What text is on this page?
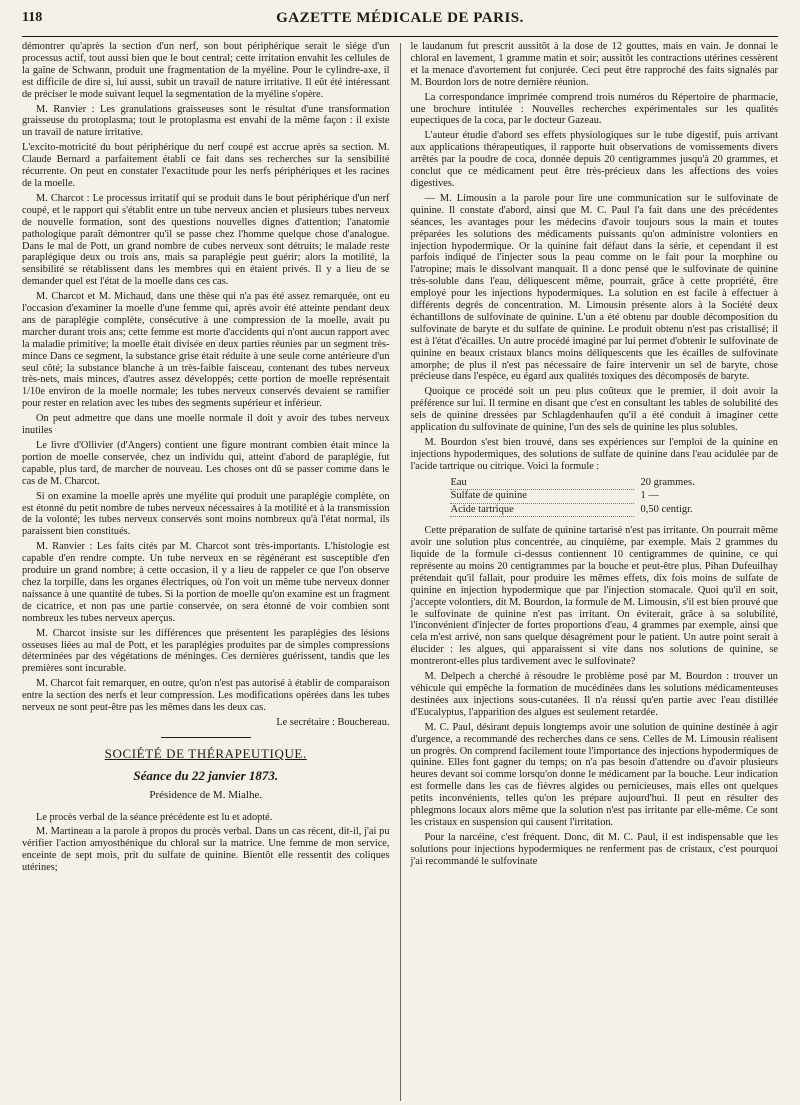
118	GAZETTE MÉDICALE DE PARIS.

démontrer qu'après la section d'un nerf, son bout périphérique serait le siége d'un processus actif, tout aussi bien que le bout central; cette irritation envahit les cellules de la gaîne de Schwann, produit une fragmentation de la myéline. Pour le cylindre-axe, il est difficile de dire si, lui aussi, subit un travail de nature irritative. Il eût été intéressant de préciser le mode suivant lequel la segmentation de la myéline s'opère.

M. Ranvier : Les granulations graisseuses sont le résultat d'une transformation graisseuse du protoplasma; tout le protoplasma est envahi de la même façon : il existe un travail de nature irritative.

L'excito-motricité du bout périphérique du nerf coupé est accrue après sa section. M. Claude Bernard a parfaitement établi ce fait dans ses recherches sur la sensibilité récurrente. On peut en constater l'exactitude pour les nerfs périphériques et les racines de la moelle.

M. Charcot : Le processus irritatif qui se produit dans le bout périphérique d'un nerf coupé, et le rapport qui s'établit entre un tube nerveux ancien et plusieurs tubes nerveux de nouvelle formation, sont des questions nouvelles dignes d'attention; l'anatomie pathologique paraît démontrer qu'il se passe chez l'homme quelque chose d'analogue. Dans le mal de Pott, un grand nombre de cubes nerveux sont détruits; le malade reste paraplégique deux ou trois ans, mais sa paraplégie peut guérir; alors la motilité, la sensibilité se rétablissent dans les membres qui en étaient privés. Il y a lieu de se demander quel est l'état de la moelle dans ces cas.

M. Charcot et M. Michaud, dans une thèse qui n'a pas été assez remarquée, ont eu l'occasion d'examiner la moelle d'une femme qui, après avoir été atteinte pendant deux ans de paraplégie complète, consécutive à une compression de la moelle, avait pu marcher durant trois ans; cette femme est morte d'accidents qui n'ont aucun rapport avec la maladie primitive; la moelle était divisée en deux parties réunies par un segment très-mince Dans ce segment, la substance grise était réduite à une seule corne antérieure d'un seul côté; la substance blanche à un très-faible faisceau, contenant des tubes nerveux très-nets, mais minces, d'autres assez développés; cette portion de moelle représentait 1/10e environ de la moelle normale; les tubes nerveux conservés devaient se ramifier pour rester en relation avec les tubes des segments supérieur et inférieur.

On peut admettre que dans une moelle normale il doit y avoir des tubes nerveux inutiles

Le livre d'Ollivier (d'Angers) contient une figure montrant combien était mince la portion de moelle conservée, chez un individu qui, atteint d'abord de paraplégie, fut capable, plus tard, de marcher de nouveau. Les choses ont dû se passer comme dans le cas de M. Charcot.

Si on examine la moelle après une myélite qui produit une paraplégie complète, on est étonné du petit nombre de tubes nerveux nécessaires à la motilité et à la transmission de la volonté; les tubes nerveux conservés sont moins nombreux qu'à l'état normal, ils paraissent bien constitués.

M. Ranvier : Les faits cités par M. Charcot sont très-importants. L'histologie est capable d'en rendre compte. Un tube nerveux en se régénérant est susceptible d'en produire un grand nombre; à cette occasion, il y a lieu de rappeler ce que l'on observe chez la torpille, dans les organes électriques, où l'on voit un même tube nerveux donner naissance à une quantité de tubes. Si la portion de moelle qu'on examine est un fragment de cicatrice, et non pas une partie conservée, on sera étonné de voir combien sont nombreux les tubes nerveux aperçus.

M. Charcot insiste sur les différences que présentent les paraplégies des lésions osseuses liées au mal de Pott, et les paraplégies produites par de simples compressions déterminées par des végétations de méninges. Ces dernières guérissent, tandis que les premières sont incurable.

M. Charcot fait remarquer, en outre, qu'on n'est pas autorisé à établir de comparaison entre la section des nerfs et leur compression. Les modifications opérées dans les tubes nerveux ne sont peut-être pas les mêmes dans les deux cas.

Le secrétaire : Bouchereau.
SOCIÉTÉ DE THÉRAPEUTIQUE.
Séance du 22 janvier 1873.
Présidence de M. Mialhe.

Le procès verbal de la séance précédente est lu et adopté.

M. Martineau a la parole à propos du procès verbal. Dans un cas récent, dit-il, j'ai pu vérifier l'action amyosthénique du chloral sur la matrice. Une femme de mon service, enceinte de sept mois, prit du sulfate de quinine. Bientôt elle ressentit des coliques utérines;

le laudanum fut prescrit aussitôt à la dose de 12 gouttes, mais en vain. Je donnai le chloral en lavement, 1 gramme matin et soir; aussitôt les contractions utérines cessèrent et la menace d'avortement fut conjurée. Ceci peut être rapproché des faits signalés par M. Bourdon lors de notre dernière réunion.

La correspondance imprimée comprend trois numéros du Répertoire de pharmacie, une brochure intitulée : Nouvelles recherches expérimentales sur les qualités eupectiques de la coca, par le docteur Gazeau.

L'auteur étudie d'abord ses effets physiologiques sur le tube digestif, puis arrivant aux applications thérapeutiques, il rapporte huit observations de vomissements divers arrêtés par la poudre de coca, donnée depuis 20 centigrammes jusqu'à 20 grammes, et conclut que ce médicament peut être très-précieux dans les affections des voies digestives.

— M. Limousin a la parole pour lire une communication sur le sulfovinate de quinine. Il constate d'abord, ainsi que M. C. Paul l'a fait dans une des précédentes séances, les avantages pour les médecins d'avoir toujours sous la main et toutes préparées les solutions des médicaments puissants qu'on administre volontiers en injection hypodermique. Or la quinine fait défaut dans la série, et cependant il est parfois indiqué de l'injecter sous la peau comme on le fait pour la morphine ou l'atropine; mais le dissolvant manquait. Il a donc pensé que le sulfovinate de quinine très-soluble dans l'eau, déliquescent même, pourrait, grâce à cette propriété, être employé pour les injections hypodermiques. La solution en est facile à effectuer à différents degrés de concentration. M. Limousin présente alors à la Société deux échantillons de sulfovinate de quinine. L'un a été obtenu par double décomposition du sulfovinate de baryte et du sulfate de quinine. Le produit obtenu n'est pas cristallisé; il est à l'état d'écailles. Un autre procédé imaginé par lui permet d'obtenir le sulfovinate de quinine en beaux cristaux blancs moins déliquescents que les écailles de sulfovinate amorphe; de plus il n'est pas nécessaire de faire intervenir un sel de baryte, chose précieuse dans l'espèce, eu égard aux qualités toxiques des décomposés de baryte.

Quoique ce procédé soit un peu plus coûteux que le premier, il doit avoir la préférence sur lui. Il termine en disant que c'est en consultant les tables de solubilité des sels de quinine dressées par Schlagdenhaufen qu'il a été conduit à imaginer cette application du sulfovinate de quinine, l'un des sels de quinine les plus solubles.

M. Bourdon s'est bien trouvé, dans ses expériences sur l'emploi de la quinine en injections hypodermiques, des solutions de sulfate de quinine dans l'eau acidulée par de l'acide tartrique ou citrique. Voici la formule :

Eau	20 grammes.
Sulfate de quinine	1 —
Acide tartrique	0,50 centigr.

Cette préparation de sulfate de quinine tartarisé n'est pas irritante. On pourrait même avoir une solution plus concentrée, au cinquième, par exemple. Mais 2 grammes du liquide de la formule ci-dessus contiennent 10 centigrammes de quinine, ce qui représente au moins 20 centigrammes par la bouche et peut-être plus. Pihan Dufeuilhay prétendait qu'il fallait, pour produire les mêmes effets, dix fois moins de sulfate de quinine en injection hypodermique que par l'injection stomacale. Quoi qu'il en soit, j'accepte volontiers, dit M. Bourdon, la formule de M. Limousin, s'il est bien prouvé que le sulfovinate de quinine n'est pas irritant. On éviterait, grâce à sa solubilité, l'inconvénient d'injecter de fortes proportions d'eau, 4 grammes par exemple, ainsi que cela m'est arrivé, non sans quelque désagrément pour le patient. Un autre point serait à élucider : les algues, qui apparaissent si vite dans nos solutions de quinine, se montreront-elles plus tardivement avec le sulfovinate?

M. Delpech a cherché à résoudre le problème posé par M. Bourdon : trouver un véhicule qui empêche la formation de mucédinées dans les solutions médicamenteuses destinées aux injections sous-cutanées. Il n'a réussi qu'en partie avec l'eau distillée d'Eucalyptus, l'apparition des algues est seulement retardée.

M. C. Paul, désirant depuis longtemps avoir une solution de quinine destinée à agir d'urgence, a recommandé des recherches dans ce sens. Celles de M. Limousin réalisent un progrès. On comprend facilement toute l'importance des injections hypodermiques de quinine. Elles font gagner du temps; on n'a pas besoin d'attendre ou d'avoir plusieurs heures devant soi comme lorsqu'on donne le médicament par la bouche. Leur indication est formelle dans les cas de fièvres algides ou pernicieuses, mais elles ont quelques petits inconvénients, telles qu'on les prépare aujourd'hui. Il peut en résulter des phlegmons locaux alors même que la solution n'est pas irritante par elle-même. Ce sont les cristaux en suspension qui causent l'irritation.

Pour la narcéine, c'est fréquent. Donc, dit M. C. Paul, il est indispensable que les solutions pour injections hypodermiques ne renferment pas de cristaux, c'est pourquoi j'ai recommandé le sulfovinate
